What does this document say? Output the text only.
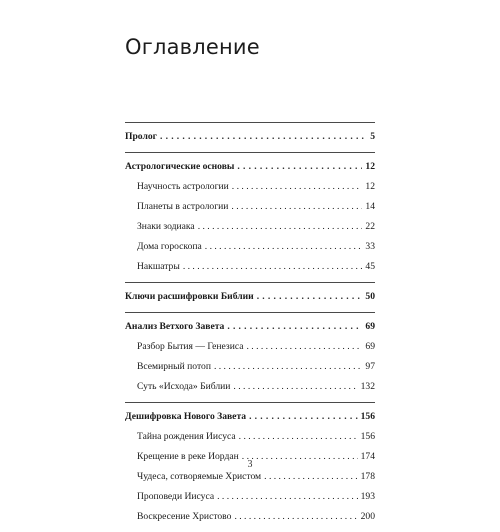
Оглавление
Пролог .....	5
Астрологические основы .....	12
Научность астрологии . . .	12
Планеты в астрологии . . .	14
Знаки зодиака . . .	22
Дома гороскопа . . .	33
Накшатры . . .	45
Ключи расшифровки Библии .....	50
Анализ Ветхого Завета .....	69
Разбор Бытия — Генезиса . . .	69
Всемирный потоп . . .	97
Суть «Исхода» Библии . . .	132
Дешифровка Нового Завета .....	156
Тайна рождения Иисуса . . .	156
Крещение в реке Иордан . . .	174
Чудеса, сотворяемые Христом . . .	178
Проповеди Иисуса . . .	193
Воскресение Христово . . .	200
3
